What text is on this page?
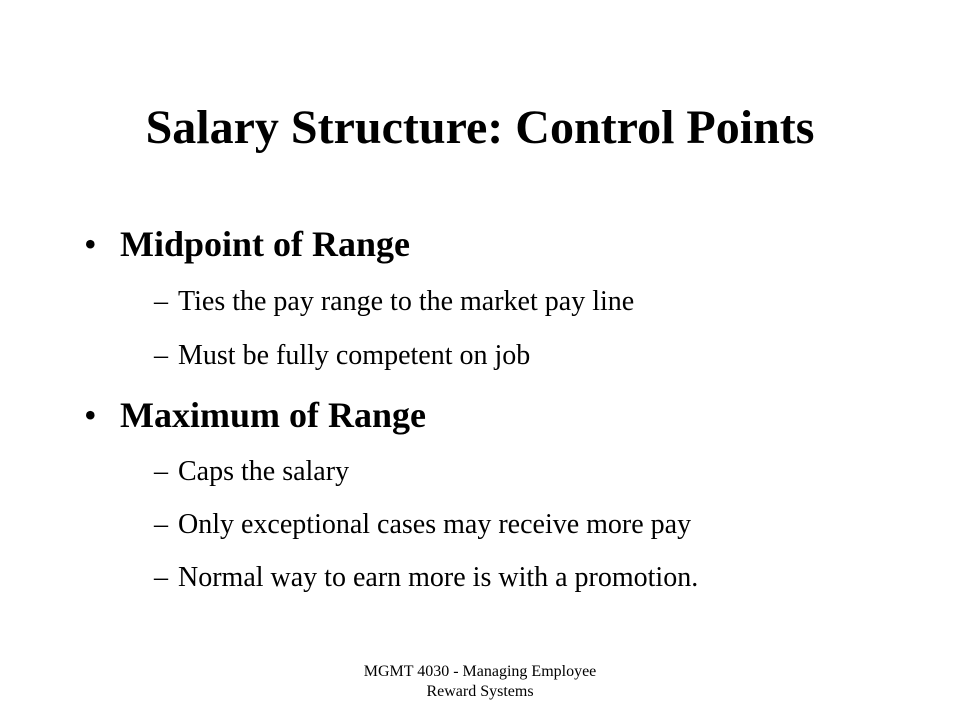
Salary Structure: Control Points
• Midpoint of Range
– Ties the pay range to the market pay line
– Must be fully competent on job
• Maximum of Range
– Caps the salary
– Only exceptional cases may receive more pay
– Normal way to earn more is with a promotion.
MGMT 4030 - Managing Employee
Reward Systems
